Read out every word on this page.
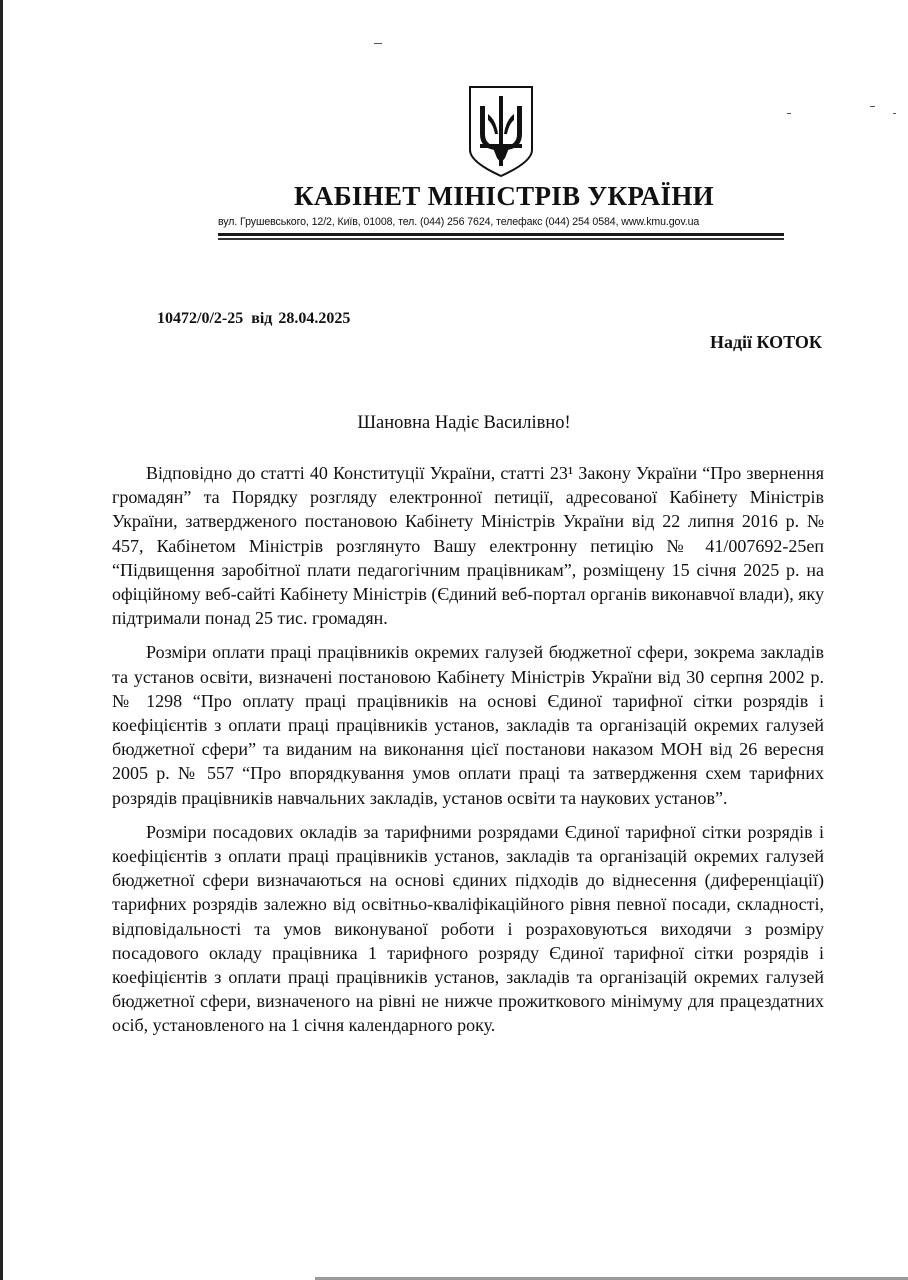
КАБІНЕТ МІНІСТРІВ УКРАЇНИ
вул. Грушевського, 12/2, Київ, 01008, тел. (044) 256 7624, телефакс (044) 254 0584, www.kmu.gov.ua
10472/0/2-25 від 28.04.2025
Надії КОТОК
Шановна Надіє Василівно!

Відповідно до статті 40 Конституції України, статті 23¹ Закону України “Про звернення громадян” та Порядку розгляду електронної петиції, адресованої Кабінету Міністрів України, затвердженого постановою Кабінету Міністрів України від 22 липня 2016 р. № 457, Кабінетом Міністрів розглянуто Вашу електронну петицію № 41/007692-25еп “Підвищення заробітної плати педагогічним працівникам”, розміщену 15 січня 2025 р. на офіційному веб-сайті Кабінету Міністрів (Єдиний веб-портал органів виконавчої влади), яку підтримали понад 25 тис. громадян.

Розміри оплати праці працівників окремих галузей бюджетної сфери, зокрема закладів та установ освіти, визначені постановою Кабінету Міністрів України від 30 серпня 2002 р. № 1298 “Про оплату праці працівників на основі Єдиної тарифної сітки розрядів і коефіцієнтів з оплати праці працівників установ, закладів та організацій окремих галузей бюджетної сфери” та виданим на виконання цієї постанови наказом МОН від 26 вересня 2005 р. № 557 “Про впорядкування умов оплати праці та затвердження схем тарифних розрядів працівників навчальних закладів, установ освіти та наукових установ”.

Розміри посадових окладів за тарифними розрядами Єдиної тарифної сітки розрядів і коефіцієнтів з оплати праці працівників установ, закладів та організацій окремих галузей бюджетної сфери визначаються на основі єдиних підходів до віднесення (диференціації) тарифних розрядів залежно від освітньо-кваліфікаційного рівня певної посади, складності, відповідальності та умов виконуваної роботи і розраховуються виходячи з розміру посадового окладу працівника 1 тарифного розряду Єдиної тарифної сітки розрядів і коефіцієнтів з оплати праці працівників установ, закладів та організацій окремих галузей бюджетної сфери, визначеного на рівні не нижче прожиткового мінімуму для працездатних осіб, установленого на 1 січня календарного року.
